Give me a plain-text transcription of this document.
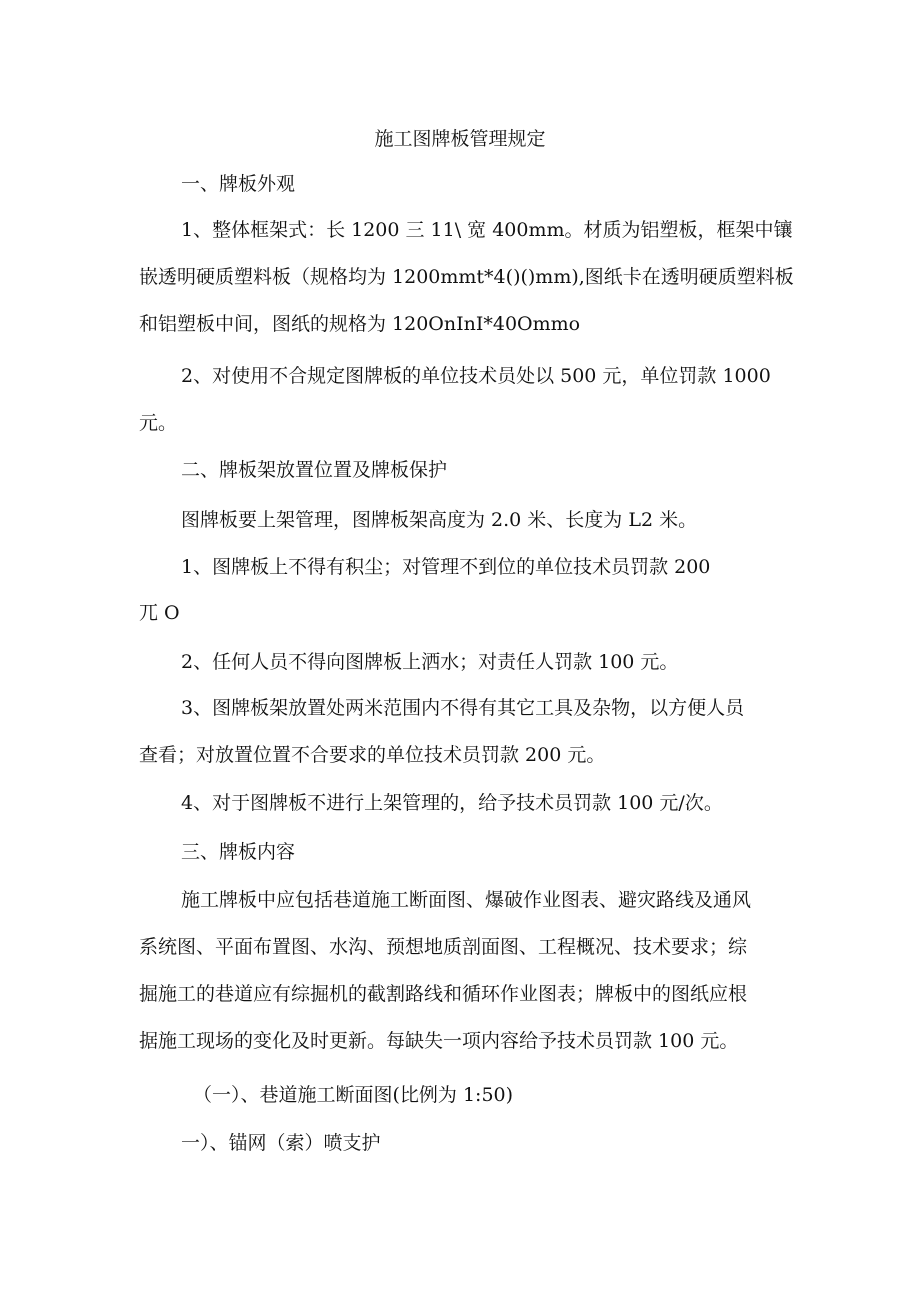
施工图牌板管理规定
一、牌板外观
1、整体框架式：长 1200 三 11\ 宽 400mm。材质为铝塑板，框架中镶
嵌透明硬质塑料板（规格均为 1200mmt*4()()mm),图纸卡在透明硬质塑料板
和铝塑板中间，图纸的规格为 120OnInI*40Ommo
2、对使用不合规定图牌板的单位技术员处以 500 元，单位罚款 1000
元。
二、牌板架放置位置及牌板保护
图牌板要上架管理，图牌板架高度为 2.0 米、长度为 L2 米。
1、图牌板上不得有积尘；对管理不到位的单位技术员罚款 200
兀 O
2、任何人员不得向图牌板上洒水；对责任人罚款 100 元。
3、图牌板架放置处两米范围内不得有其它工具及杂物，以方便人员
查看；对放置位置不合要求的单位技术员罚款 200 元。
4、对于图牌板不进行上架管理的，给予技术员罚款 100 元/次。
三、牌板内容
施工牌板中应包括巷道施工断面图、爆破作业图表、避灾路线及通风
系统图、平面布置图、水沟、预想地质剖面图、工程概况、技术要求；综
掘施工的巷道应有综掘机的截割路线和循环作业图表；牌板中的图纸应根
据施工现场的变化及时更新。每缺失一项内容给予技术员罚款 100 元。
（一）、巷道施工断面图(比例为 1:50)
一）、锚网（索）喷支护
